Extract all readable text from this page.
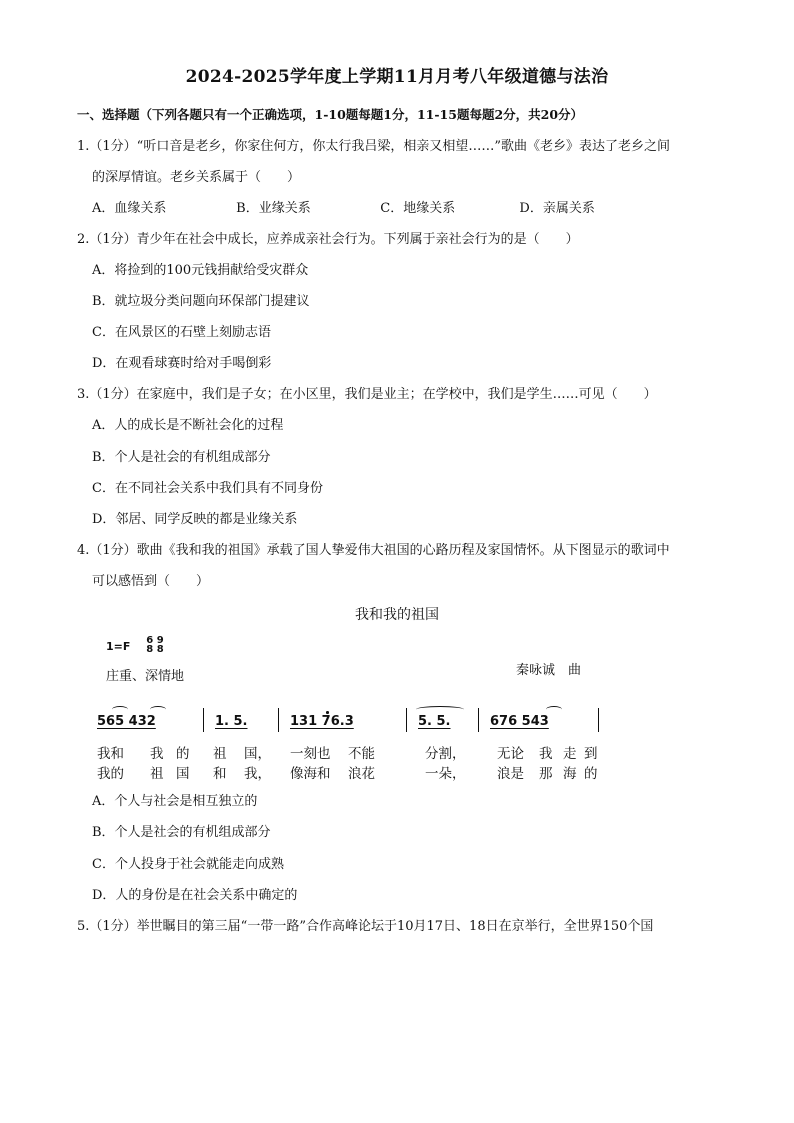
2024-2025学年度上学期11月月考八年级道德与法治
一、选择题（下列各题只有一个正确选项，1-10题每题1分，11-15题每题2分，共20分）
1.（1分）“听口音是老乡，你家住何方，你太行我吕梁，相亲又相望……”歌曲《老乡》表达了老乡之间
的深厚情谊。老乡关系属于（　　）
A．血缘关系	B．业缘关系	C．地缘关系	D．亲属关系
2.（1分）青少年在社会中成长，应养成亲社会行为。下列属于亲社会行为的是（　　）
A．将捡到的100元钱捐献给受灾群众
B．就垃圾分类问题向环保部门提建议
C．在风景区的石壁上刻励志语
D．在观看球赛时给对手喝倒彩
3.（1分）在家庭中，我们是子女；在小区里，我们是业主；在学校中，我们是学生……可见（　　）
A．人的成长是不断社会化的过程
B．个人是社会的有机组成部分
C．在不同社会关系中我们具有不同身份
D．邻居、同学反映的都是业缘关系
4.（1分）歌曲《我和我的祖国》承载了国人挚爱伟大祖国的心路历程及家国情怀。从下图显示的歌词中
可以感悟到（　　）
我和我的祖国
1=F	6 9
8 8
庄重、深情地	秦咏诚　曲
565 432	1. 5.	131 76.3	5. 5.	676 543
我和 我 的 祖 国， 一刻也 不能	分割， 无论 我 走 到
我的 祖 国 和 我， 像海和 浪花	一朵， 浪是 那 海 的
A．个人与社会是相互独立的
B．个人是社会的有机组成部分
C．个人投身于社会就能走向成熟
D．人的身份是在社会关系中确定的
5.（1分）举世瞩目的第三届“一带一路”合作高峰论坛于10月17日、18日在京举行，全世界150个国
